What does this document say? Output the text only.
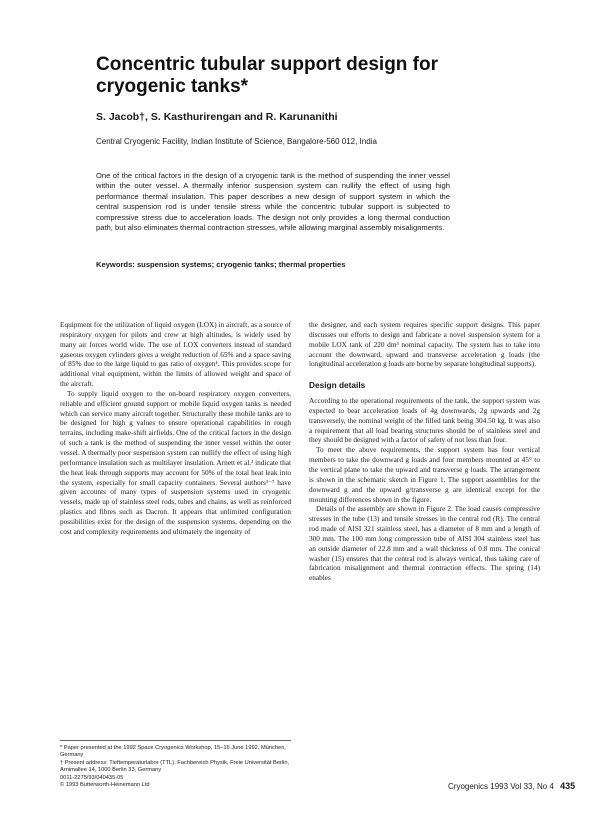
Concentric tubular support design for cryogenic tanks*

S. Jacob†, S. Kasthurirengan and R. Karunanithi

Central Cryogenic Facility, Indian Institute of Science, Bangalore-560 012, India

One of the critical factors in the design of a cryogenic tank is the method of suspending the inner vessel within the outer vessel. A thermally inferior suspension system can nullify the effect of using high performance thermal insulation. This paper describes a new design of support system in which the central suspension rod is under tensile stress while the concentric tubular support is subjected to compressive stress due to acceleration loads. The design not only provides a long thermal conduction path, but also eliminates thermal contraction stresses, while allowing marginal assembly misalignments.

Keywords: suspension systems; cryogenic tanks; thermal properties

Equipment for the utilization of liquid oxygen (LOX) in aircraft, as a source of respiratory oxygen for pilots and crew at high altitudes, is widely used by many air forces world wide. The use of LOX converters instead of standard gaseous oxygen cylinders gives a weight reduction of 65% and a space saving of 85% due to the large liquid to gas ratio of oxygen¹. This provides scope for additional vital equipment, within the limits of allowed weight and space of the aircraft.

To supply liquid oxygen to the on-board respiratory oxygen converters, reliable and efficient ground support or mobile liquid oxygen tanks is needed which can service many aircraft together. Structurally these mobile tanks are to be designed for high g values to ensure operational capabilities in rough terrains, including make-shift airfields. One of the critical factors in the design of such a tank is the method of suspending the inner vessel within the outer vessel. A thermally poor suspension system can nullify the effect of using high performance insulation such as multilayer insulation. Arnett et al.² indicate that the heat leak through supports may account for 50% of the total heat leak into the system, especially for small capacity containers. Several authors³⁻⁷ have given accounts of many types of suspension systems used in cryogenic vessels, made up of stainless steel rods, tubes and chains, as well as reinforced plastics and fibres such as Dacron. It appears that unlimited configuration possibilities exist for the design of the suspension systems, depending on the cost and complexity requirements and ultimately the ingenuity of

the designer, and each system requires specific support designs. This paper discusses our efforts to design and fabricate a novel suspension system for a mobile LOX tank of 220 dm³ nominal capacity. The system has to take into account the downward, upward and transverse acceleration g loads (the longitudinal acceleration g loads are borne by separate longitudinal supports).

Design details

According to the operational requirements of the tank, the support system was expected to bear acceleration loads of 4g downwards, 2g upwards and 2g transversely, the nominal weight of the filled tank being 304.50 kg. It was also a requirement that all load bearing structures should be of stainless steel and they should be designed with a factor of safety of not less than four.

To meet the above requirements, the support system has four vertical members to take the downward g loads and four members mounted at 45° to the vertical plane to take the upward and transverse g loads. The arrangement is shown in the schematic sketch in Figure 1. The support assemblies for the downward g and the upward g/transverse g are identical except for the mounting differences shown in the figure.

Details of the assembly are shown in Figure 2. The load causes compressive stresses in the tube (13) and tensile stresses in the central rod (R). The central rod made of AISI 321 stainless steel, has a diameter of 8 mm and a length of 300 mm. The 100 mm long compression tube of AISI 304 stainless steel has an outside diameter of 22.8 mm and a wall thickness of 0.8 mm. The conical washer (15) ensures that the central rod is always vertical, thus taking care of fabrication misalignment and thermal contraction effects. The spring (14) enables

* Paper presented at the 1992 Space Cryogenics Workshop, 15–16 June 1992, München, Germany

† Present address: Tieftemperaturlabor (TTL), Fachbereich Physik, Freie Universität Berlin, Arnimallee 14, 1000 Berlin 33, Germany

0011-2275/93/040435-05

© 1993 Butterworth-Heinemann Ltd	Cryogenics 1993 Vol 33, No 4 435
